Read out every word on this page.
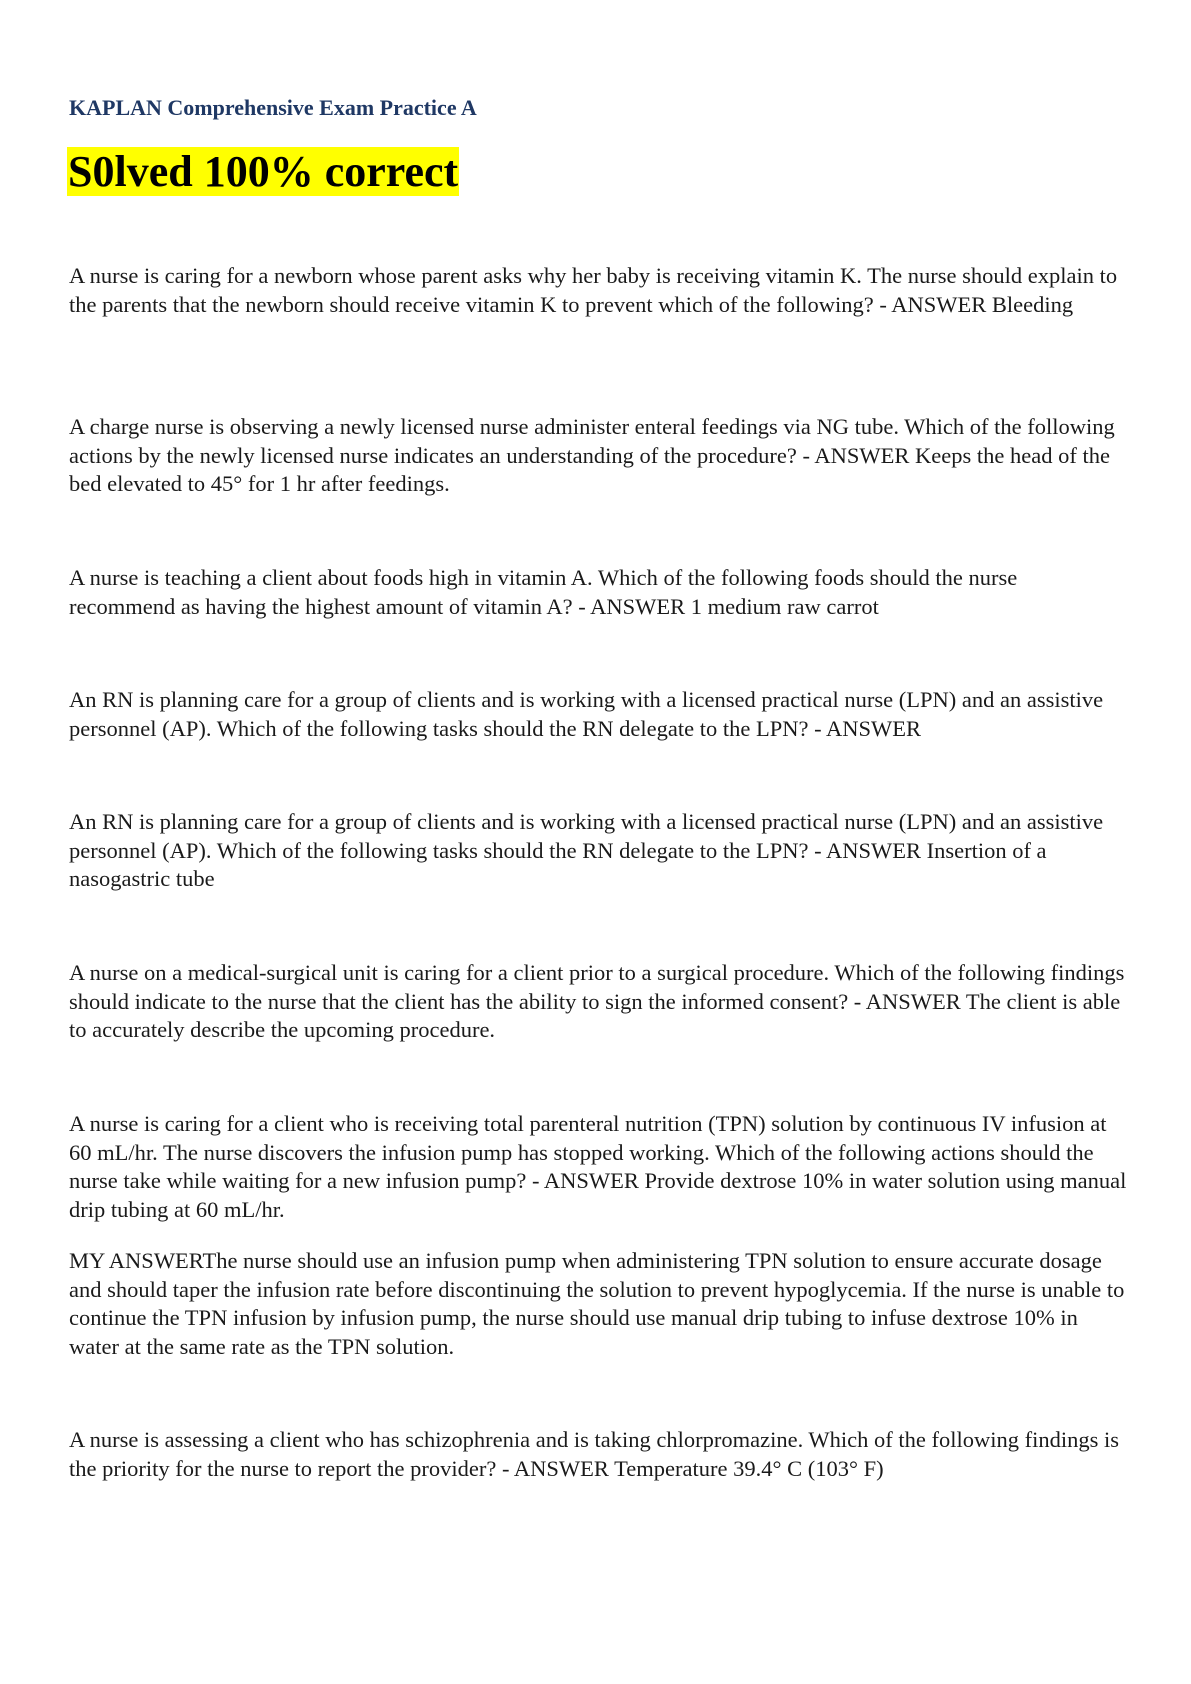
KAPLAN Comprehensive Exam Practice A
S0lved 100% correct

A nurse is caring for a newborn whose parent asks why her baby is receiving vitamin K. The nurse should explain to the parents that the newborn should receive vitamin K to prevent which of the following? - ANSWER Bleeding

A charge nurse is observing a newly licensed nurse administer enteral feedings via NG tube. Which of the following actions by the newly licensed nurse indicates an understanding of the procedure? - ANSWER Keeps the head of the bed elevated to 45° for 1 hr after feedings.

A nurse is teaching a client about foods high in vitamin A. Which of the following foods should the nurse recommend as having the highest amount of vitamin A? - ANSWER 1 medium raw carrot

An RN is planning care for a group of clients and is working with a licensed practical nurse (LPN) and an assistive personnel (AP). Which of the following tasks should the RN delegate to the LPN? - ANSWER

An RN is planning care for a group of clients and is working with a licensed practical nurse (LPN) and an assistive personnel (AP). Which of the following tasks should the RN delegate to the LPN? - ANSWER Insertion of a nasogastric tube

A nurse on a medical-surgical unit is caring for a client prior to a surgical procedure. Which of the following findings should indicate to the nurse that the client has the ability to sign the informed consent? - ANSWER The client is able to accurately describe the upcoming procedure.

A nurse is caring for a client who is receiving total parenteral nutrition (TPN) solution by continuous IV infusion at 60 mL/hr. The nurse discovers the infusion pump has stopped working. Which of the following actions should the nurse take while waiting for a new infusion pump? - ANSWER Provide dextrose 10% in water solution using manual drip tubing at 60 mL/hr.

MY ANSWERThe nurse should use an infusion pump when administering TPN solution to ensure accurate dosage and should taper the infusion rate before discontinuing the solution to prevent hypoglycemia. If the nurse is unable to continue the TPN infusion by infusion pump, the nurse should use manual drip tubing to infuse dextrose 10% in water at the same rate as the TPN solution.

A nurse is assessing a client who has schizophrenia and is taking chlorpromazine. Which of the following findings is the priority for the nurse to report the provider? - ANSWER Temperature 39.4° C (103° F)
